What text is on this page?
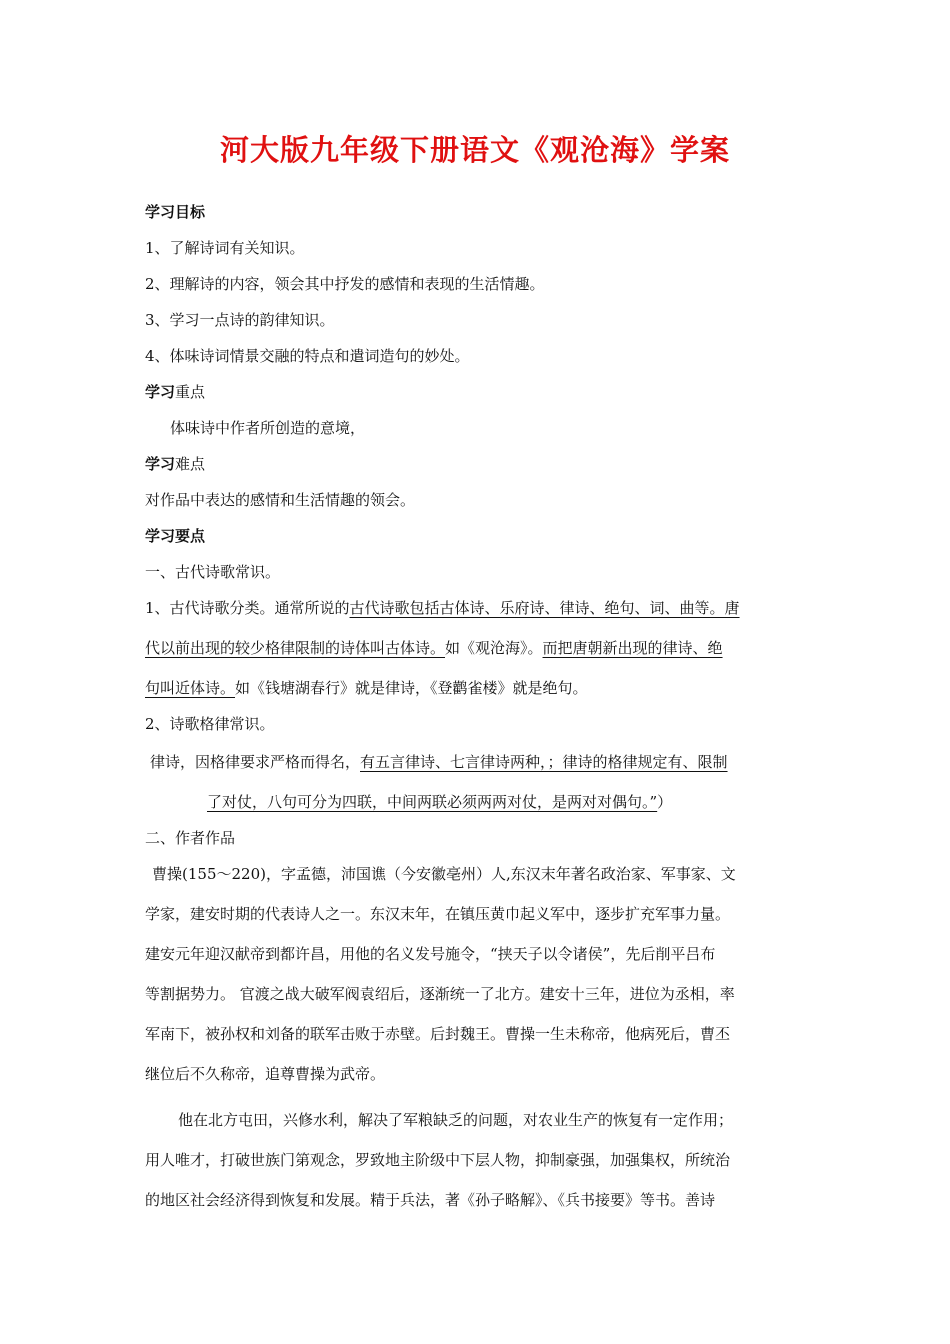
河大版九年级下册语文《观沧海》学案
学习目标
1、了解诗词有关知识。
2、理解诗的内容，领会其中抒发的感情和表现的生活情趣。
3、学习一点诗的韵律知识。
4、体味诗词情景交融的特点和遣词造句的妙处。
学习重点
体味诗中作者所创造的意境，
学习难点
对作品中表达的感情和生活情趣的领会。
学习要点
一、古代诗歌常识。
1、古代诗歌分类。通常所说的古代诗歌包括古体诗、乐府诗、律诗、绝句、词、曲等。唐
代以前出现的较少格律限制的诗体叫古体诗。如《观沧海》。而把唐朝新出现的律诗、绝
句叫近体诗。如《钱塘湖春行》就是律诗，《登鹳雀楼》就是绝句。
2、诗歌格律常识。
律诗，因格律要求严格而得名，有五言律诗、七言律诗两种，；律诗的格律规定有、限制
了对仗，八句可分为四联，中间两联必须两两对仗，是两对对偶句。”）
二、作者作品
曹操(155～220)，字孟德，沛国谯（今安徽亳州）人,东汉末年著名政治家、军事家、文
学家，建安时期的代表诗人之一。东汉末年，在镇压黄巾起义军中，逐步扩充军事力量。
建安元年迎汉献帝到都许昌，用他的名义发号施令，“挟天子以令诸侯”，先后削平吕布
等割据势力。 官渡之战大破军阀袁绍后，逐渐统一了北方。建安十三年，进位为丞相，率
军南下，被孙权和刘备的联军击败于赤壁。后封魏王。曹操一生未称帝，他病死后，曹丕
继位后不久称帝，追尊曹操为武帝。
他在北方屯田，兴修水利，解决了军粮缺乏的问题，对农业生产的恢复有一定作用；
用人唯才，打破世族门第观念，罗致地主阶级中下层人物，抑制豪强，加强集权，所统治
的地区社会经济得到恢复和发展。精于兵法，著《孙子略解》、《兵书接要》等书。善诗
